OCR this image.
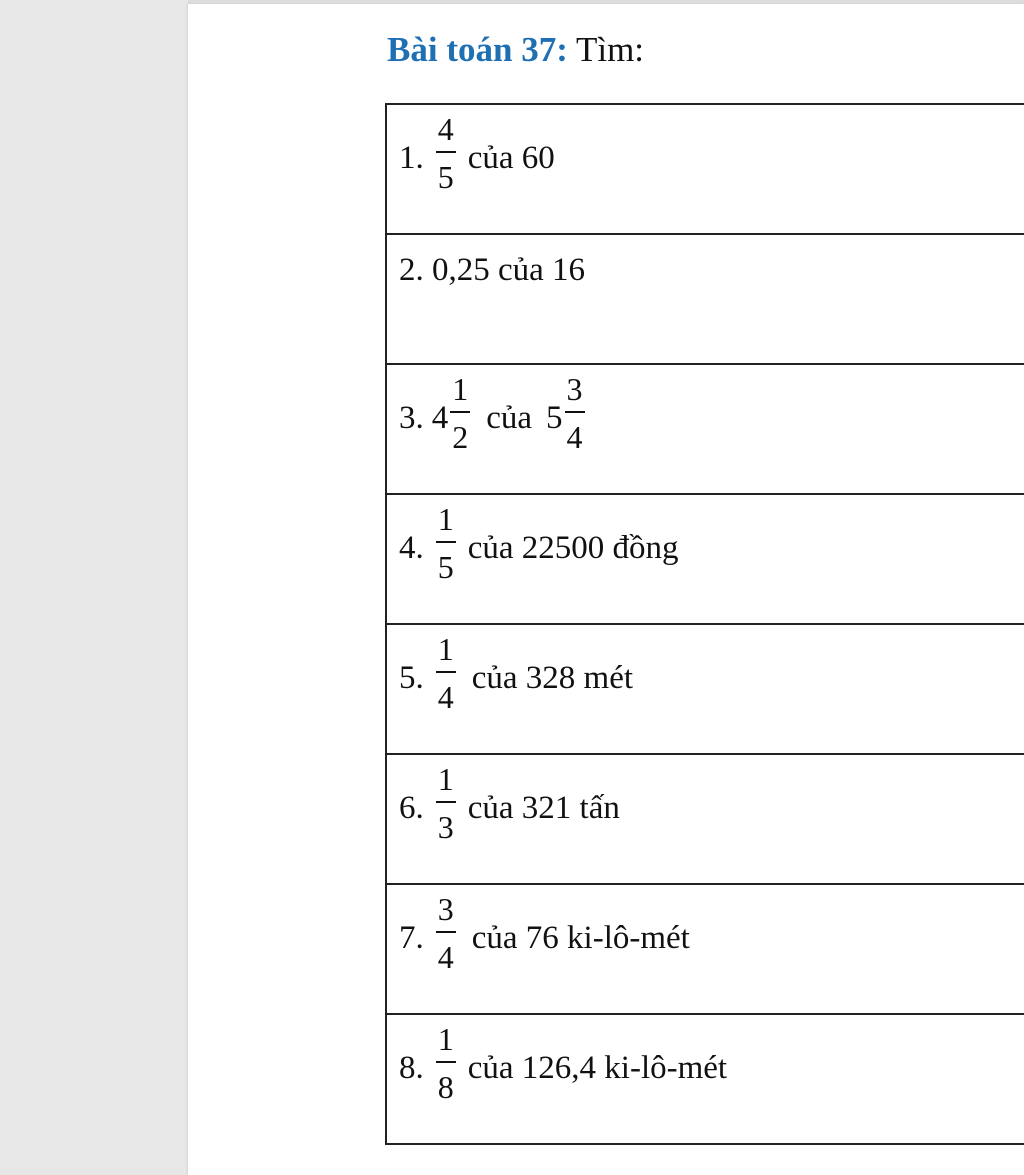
Bài toán 37: Tìm:
1. $\frac{4}{5}$ của 60

2. 0,25 của 16

3. $4 \frac{1}{2}$ của $5 \frac{3}{4}$

4. $\frac{1}{5}$ của 22500 đồng

5. $\frac{1}{4}$ của 328 mét

6. $\frac{1}{3}$ của 321 tấn

7. $\frac{3}{4}$ của 76 ki-lô-mét

8. $\frac{1}{8}$ của 126,4 ki-lô-mét
